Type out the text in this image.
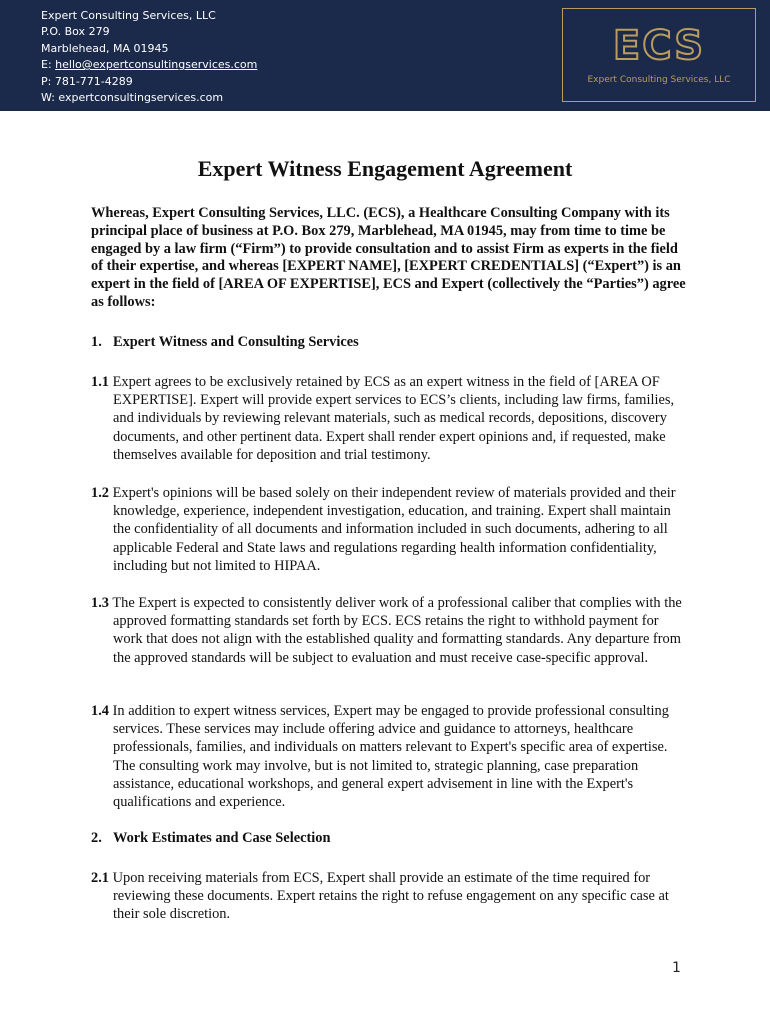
Expert Consulting Services, LLC
P.O. Box 279
Marblehead, MA 01945
E: hello@expertconsultingservices.com
P: 781-771-4289
W: expertconsultingservices.com
ECS
Expert Consulting Services, LLC
Expert Witness Engagement Agreement
Whereas, Expert Consulting Services, LLC. (ECS), a Healthcare Consulting Company with its principal place of business at P.O. Box 279, Marblehead, MA 01945, may from time to time be engaged by a law firm (“Firm”) to provide consultation and to assist Firm as experts in the field of their expertise, and whereas [EXPERT NAME], [EXPERT CREDENTIALS] (“Expert”) is an expert in the field of [AREA OF EXPERTISE], ECS and Expert (collectively the “Parties”) agree as follows:
1. Expert Witness and Consulting Services
1.1 Expert agrees to be exclusively retained by ECS as an expert witness in the field of [AREA OF EXPERTISE]. Expert will provide expert services to ECS’s clients, including law firms, families, and individuals by reviewing relevant materials, such as medical records, depositions, discovery documents, and other pertinent data. Expert shall render expert opinions and, if requested, make themselves available for deposition and trial testimony.
1.2 Expert's opinions will be based solely on their independent review of materials provided and their knowledge, experience, independent investigation, education, and training. Expert shall maintain the confidentiality of all documents and information included in such documents, adhering to all applicable Federal and State laws and regulations regarding health information confidentiality, including but not limited to HIPAA.
1.3 The Expert is expected to consistently deliver work of a professional caliber that complies with the approved formatting standards set forth by ECS. ECS retains the right to withhold payment for work that does not align with the established quality and formatting standards. Any departure from the approved standards will be subject to evaluation and must receive case-specific approval.
1.4 In addition to expert witness services, Expert may be engaged to provide professional consulting services. These services may include offering advice and guidance to attorneys, healthcare professionals, families, and individuals on matters relevant to Expert's specific area of expertise. The consulting work may involve, but is not limited to, strategic planning, case preparation assistance, educational workshops, and general expert advisement in line with the Expert's qualifications and experience.
2. Work Estimates and Case Selection
2.1 Upon receiving materials from ECS, Expert shall provide an estimate of the time required for reviewing these documents. Expert retains the right to refuse engagement on any specific case at their sole discretion.
1
